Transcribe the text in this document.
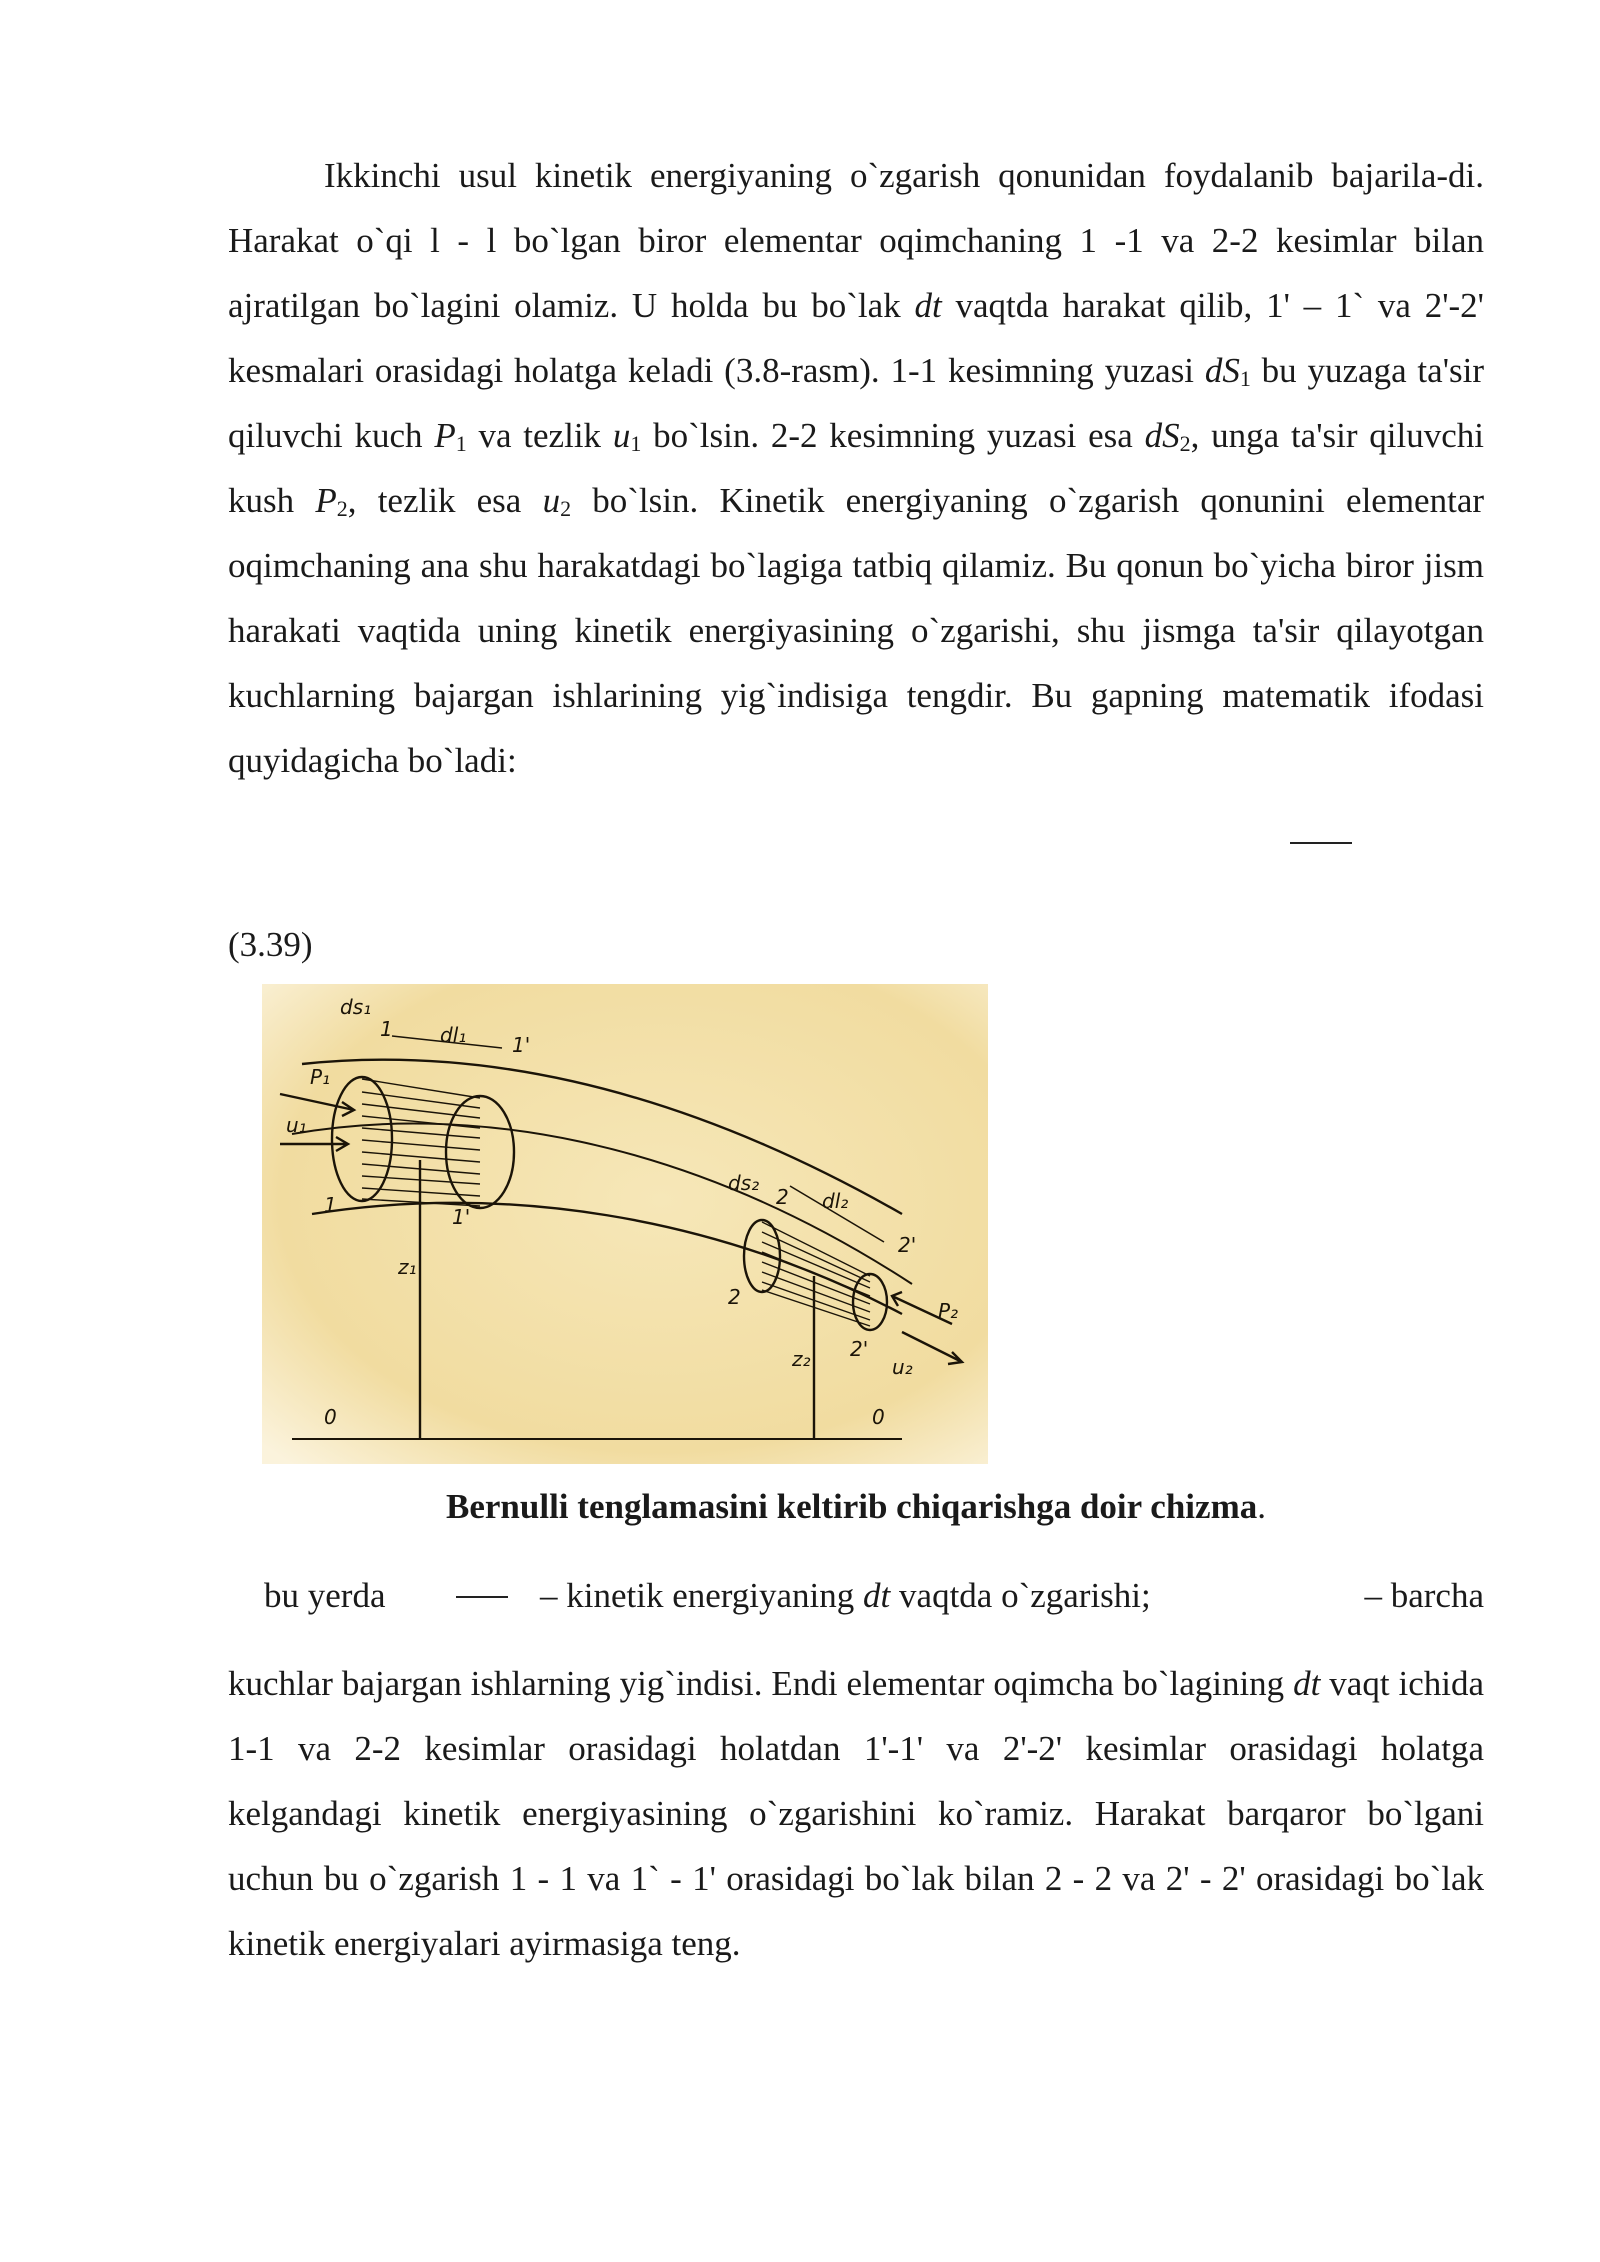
Ikkinchi usul kinetik energiyaning o`zgarish qonunidan foydalanib bajarila-di. Harakat o`qi l - l bo`lgan biror elementar oqimchaning 1 -1 va 2-2 kesimlar bilan ajratilgan bo`lagini olamiz. U holda bu bo`lak dt vaqtda harakat qilib, 1' – 1` va 2'-2' kesmalari orasidagi holatga keladi (3.8-rasm). 1-1 kesimning yuzasi $dS_1$ bu yuzaga ta'sir qiluvchi kuch $P_1$ va tezlik $u_1$ bo`lsin. 2-2 kesimning yuzasi esa $dS_2$, unga ta'sir qiluvchi kush $P_2$, tezlik esa $u_2$ bo`lsin. Kinetik energiyaning o`zgarish qonunini elementar oqimchaning ana shu harakatdagi bo`lagiga tatbiq qilamiz. Bu qonun bo`yicha biror jism harakati vaqtida uning kinetik energiyasining o`zgarishi, shu jismga ta'sir qilayotgan kuchlarning bajargan ishlarining yig`indisiga tengdir. Bu gapning matematik ifodasi quyidagicha bo`ladi:
(3.39)
ds₁
1 dl₁ 1'
P₁
u₁
1	1'
z₁
ds₂
2 dl₂
2'
2
2'
z₂
P₂
u₂
0	0
Bernulli tenglamasini keltirib chiqarishga doir chizma.
bu yerda	– kinetik energiyaning dt vaqtda o`zgarishi;	– barcha
kuchlar bajargan ishlarning yig`indisi. Endi elementar oqimcha bo`lagining dt vaqt ichida 1-1 va 2-2 kesimlar orasidagi holatdan 1'-1' va 2'-2' kesimlar orasidagi holatga kelgandagi kinetik energiyasining o`zgarishini ko`ramiz. Harakat barqaror bo`lgani uchun bu o`zgarish 1 - 1 va 1` - 1' orasidagi bo`lak bilan 2 - 2 va 2' - 2' orasidagi bo`lak kinetik energiyalari ayirmasiga teng.
